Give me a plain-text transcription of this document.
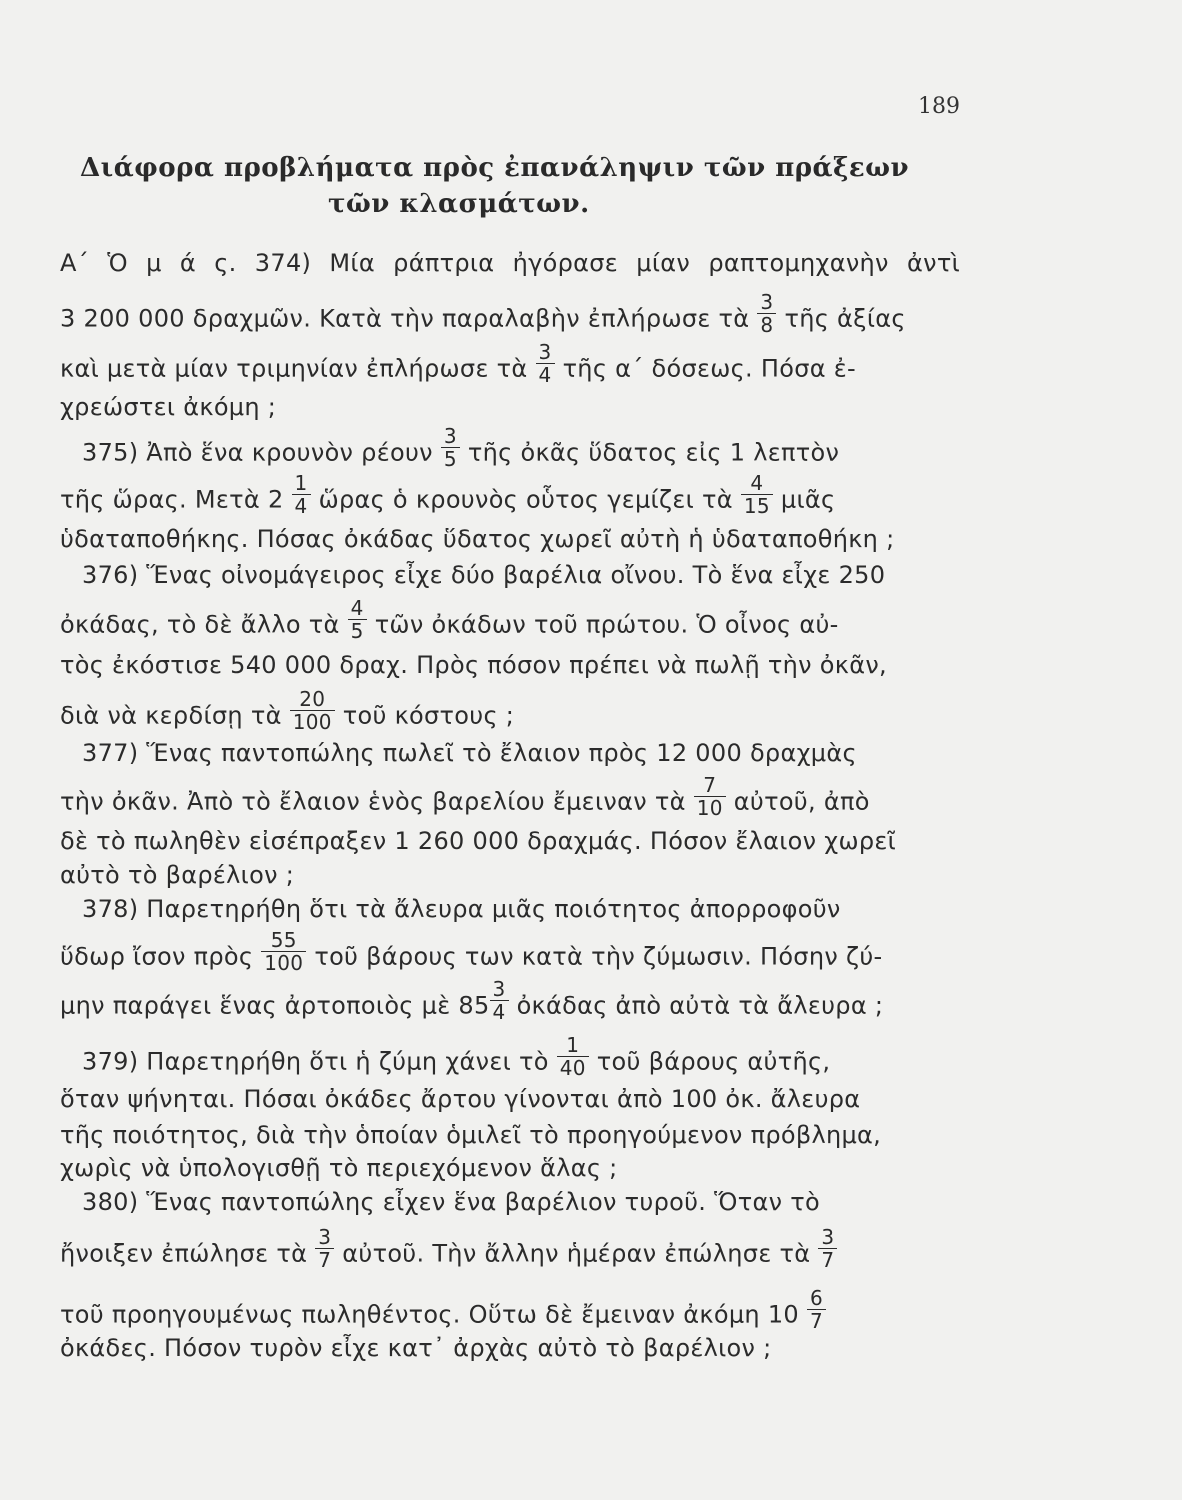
189
Διάφορα προβλήματα πρὸς ἐπανάληψιν τῶν πράξεων
τῶν κλασμάτων.
Α΄ Ὁ μ ά ς. 374) Μία ράπτρια ἠγόρασε μίαν ραπτομηχανὴν ἀντὶ
3 200 000 δραχμῶν. Κατὰ τὴν παραλαβὴν ἐπλήρωσε τὰ $\frac{3}{8}$ τῆς ἀξίας
καὶ μετὰ μίαν τριμηνίαν ἐπλήρωσε τὰ $\frac{3}{4}$ τῆς α΄ δόσεως. Πόσα ἐ-
χρεώστει ἀκόμη ;
375) Ἀπὸ ἕνα κρουνὸν ρέουν $\frac{3}{5}$ τῆς ὀκᾶς ὕδατος εἰς 1 λεπτὸν
τῆς ὥρας. Μετὰ $2 \frac{1}{4}$ ὥρας ὁ κρουνὸς οὗτος γεμίζει τὰ $\frac{4}{15}$ μιᾶς
ὑδαταποθήκης. Πόσας ὀκάδας ὕδατος χωρεῖ αὐτὴ ἡ ὑδαταποθήκη ;
376) Ἕνας οἰνομάγειρος εἶχε δύο βαρέλια οἴνου. Τὸ ἕνα εἶχε 250
ὀκάδας, τὸ δὲ ἄλλο τὰ $\frac{4}{5}$ τῶν ὀκάδων τοῦ πρώτου. Ὁ οἶνος αὐ-
τὸς ἐκόστισε 540 000 δραχ. Πρὸς πόσον πρέπει νὰ πωλῇ τὴν ὀκᾶν,
διὰ νὰ κερδίσῃ τὰ $\frac{20}{100}$ τοῦ κόστους ;
377) Ἕνας παντοπώλης πωλεῖ τὸ ἔλαιον πρὸς 12 000 δραχμὰς
τὴν ὀκᾶν. Ἀπὸ τὸ ἔλαιον ἑνὸς βαρελίου ἔμειναν τὰ $\frac{7}{10}$ αὐτοῦ, ἀπὸ
δὲ τὸ πωληθὲν εἰσέπραξεν 1 260 000 δραχμάς. Πόσον ἔλαιον χωρεῖ
αὐτὸ τὸ βαρέλιον ;
378) Παρετηρήθη ὅτι τὰ ἄλευρα μιᾶς ποιότητος ἀπορροφοῦν
ὕδωρ ἴσον πρὸς $\frac{55}{100}$ τοῦ βάρους των κατὰ τὴν ζύμωσιν. Πόσην ζύ-
μην παράγει ἕνας ἀρτοποιὸς μὲ $85 \frac{3}{4}$ ὀκάδας ἀπὸ αὐτὰ τὰ ἄλευρα ;
379) Παρετηρήθη ὅτι ἡ ζύμη χάνει τὸ $\frac{1}{40}$ τοῦ βάρους αὐτῆς,
ὅταν ψήνηται. Πόσαι ὀκάδες ἄρτου γίνονται ἀπὸ 100 ὀκ. ἄλευρα
τῆς ποιότητος, διὰ τὴν ὁποίαν ὁμιλεῖ τὸ προηγούμενον πρόβλημα,
χωρὶς νὰ ὑπολογισθῇ τὸ περιεχόμενον ἅλας ;
380) Ἕνας παντοπώλης εἶχεν ἕνα βαρέλιον τυροῦ. Ὅταν τὸ
ἤνοιξεν ἐπώλησε τὰ $\frac{3}{7}$ αὐτοῦ. Τὴν ἄλλην ἡμέραν ἐπώλησε τὰ $\frac{3}{7}$
τοῦ προηγουμένως πωληθέντος. Οὕτω δὲ ἔμειναν ἀκόμη $10 \frac{6}{7}$
ὀκάδες. Πόσον τυρὸν εἶχε κατ᾽ ἀρχὰς αὐτὸ τὸ βαρέλιον ;
